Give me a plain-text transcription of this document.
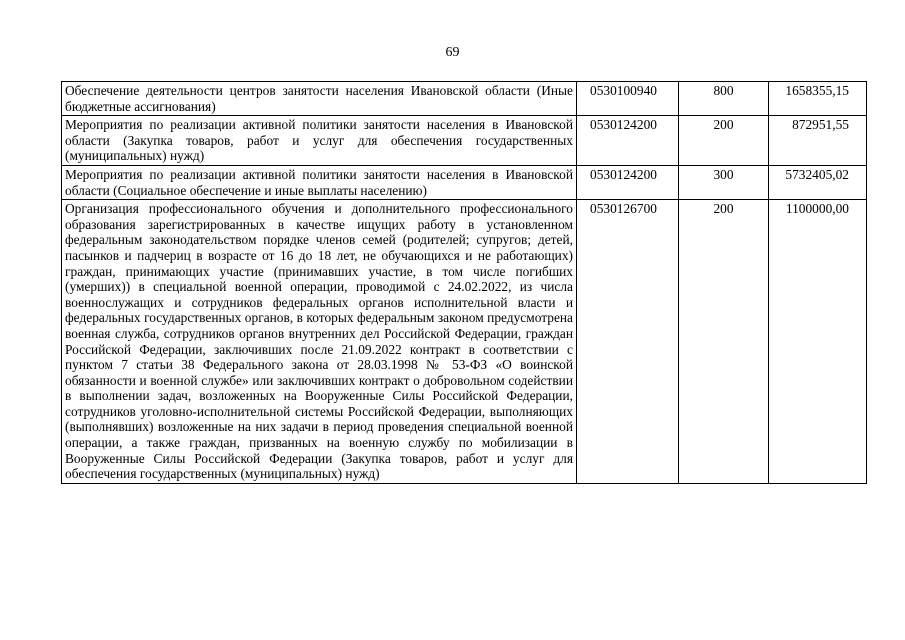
69
Обеспечение деятельности центров занятости населения Ивановской области (Иные бюджетные ассигнования)	0530100940	800	1658355,15
Мероприятия по реализации активной политики занятости населения в Ивановской области (Закупка товаров, работ и услуг для обеспечения государственных (муниципальных) нужд)	0530124200	200	872951,55
Мероприятия по реализации активной политики занятости населения в Ивановской области (Социальное обеспечение и иные выплаты населению)	0530124200	300	5732405,02
Организация профессионального обучения и дополнительного профессионального образования зарегистрированных в качестве ищущих работу в установленном федеральным законодательством порядке членов семей (родителей; супругов; детей, пасынков и падчериц в возрасте от 16 до 18 лет, не обучающихся и не работающих) граждан, принимающих участие (принимавших участие, в том числе погибших (умерших)) в специальной военной операции, проводимой с 24.02.2022, из числа военнослужащих и сотрудников федеральных органов исполнительной власти и федеральных государственных органов, в которых федеральным законом предусмотрена военная служба, сотрудников органов внутренних дел Российской Федерации, граждан Российской Федерации, заключивших после 21.09.2022 контракт в соответствии с пунктом 7 статьи 38 Федерального закона от 28.03.1998 № 53-ФЗ «О воинской обязанности и военной службе» или заключивших контракт о добровольном содействии в выполнении задач, возложенных на Вооруженные Силы Российской Федерации, сотрудников уголовно-исполнительной системы Российской Федерации, выполняющих (выполнявших) возложенные на них задачи в период проведения специальной военной операции, а также граждан, призванных на военную службу по мобилизации в Вооруженные Силы Российской Федерации (Закупка товаров, работ и услуг для обеспечения государственных (муниципальных) нужд)	0530126700	200	1100000,00
